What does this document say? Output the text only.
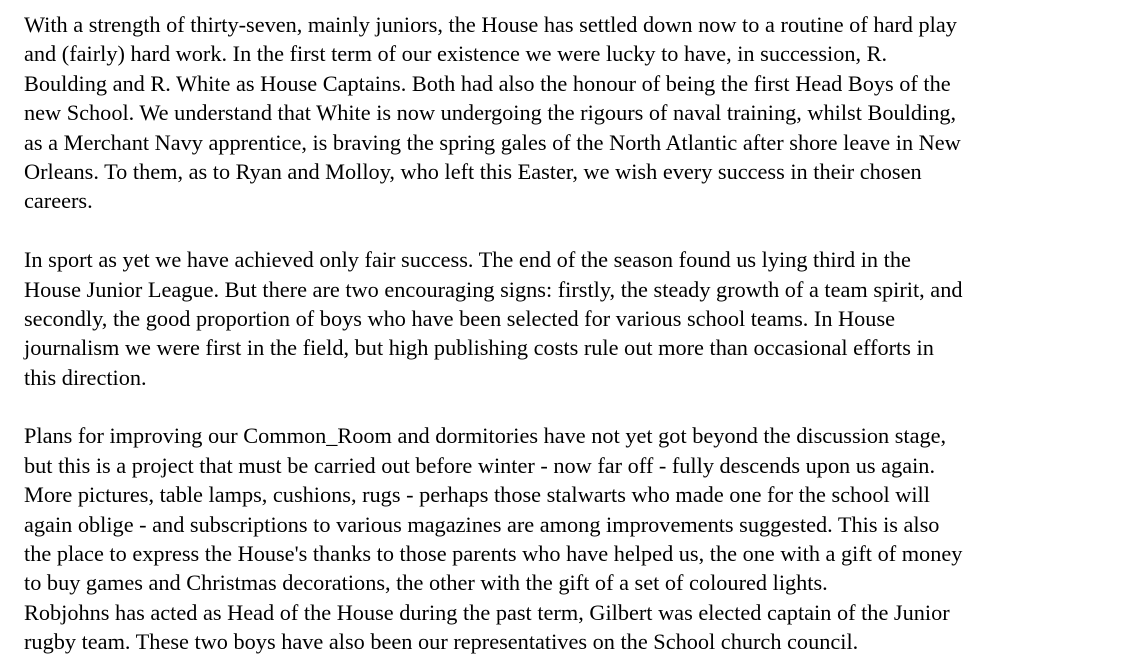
With a strength of thirty-seven, mainly juniors, the House has settled down now to a routine of hard play
and (fairly) hard work. In the first term of our existence we were lucky to have, in succession, R.
Boulding and R. White as House Captains. Both had also the honour of being the first Head Boys of the
new School. We understand that White is now undergoing the rigours of naval training, whilst Boulding,
as a Merchant Navy apprentice, is braving the spring gales of the North Atlantic after shore leave in New
Orleans. To them, as to Ryan and Molloy, who left this Easter, we wish every success in their chosen
careers.
In sport as yet we have achieved only fair success. The end of the season found us lying third in the
House Junior League. But there are two encouraging signs: firstly, the steady growth of a team spirit, and
secondly, the good proportion of boys who have been selected for various school teams. In House
journalism we were first in the field, but high publishing costs rule out more than occasional efforts in
this direction.
Plans for improving our Common_Room and dormitories have not yet got beyond the discussion stage,
but this is a project that must be carried out before winter - now far off - fully descends upon us again.
More pictures, table lamps, cushions, rugs - perhaps those stalwarts who made one for the school will
again oblige - and subscriptions to various magazines are among improvements suggested. This is also
the place to express the House's thanks to those parents who have helped us, the one with a gift of money
to buy games and Christmas decorations, the other with the gift of a set of coloured lights.
Robjohns has acted as Head of the House during the past term, Gilbert was elected captain of the Junior
rugby team. These two boys have also been our representatives on the School church council.
